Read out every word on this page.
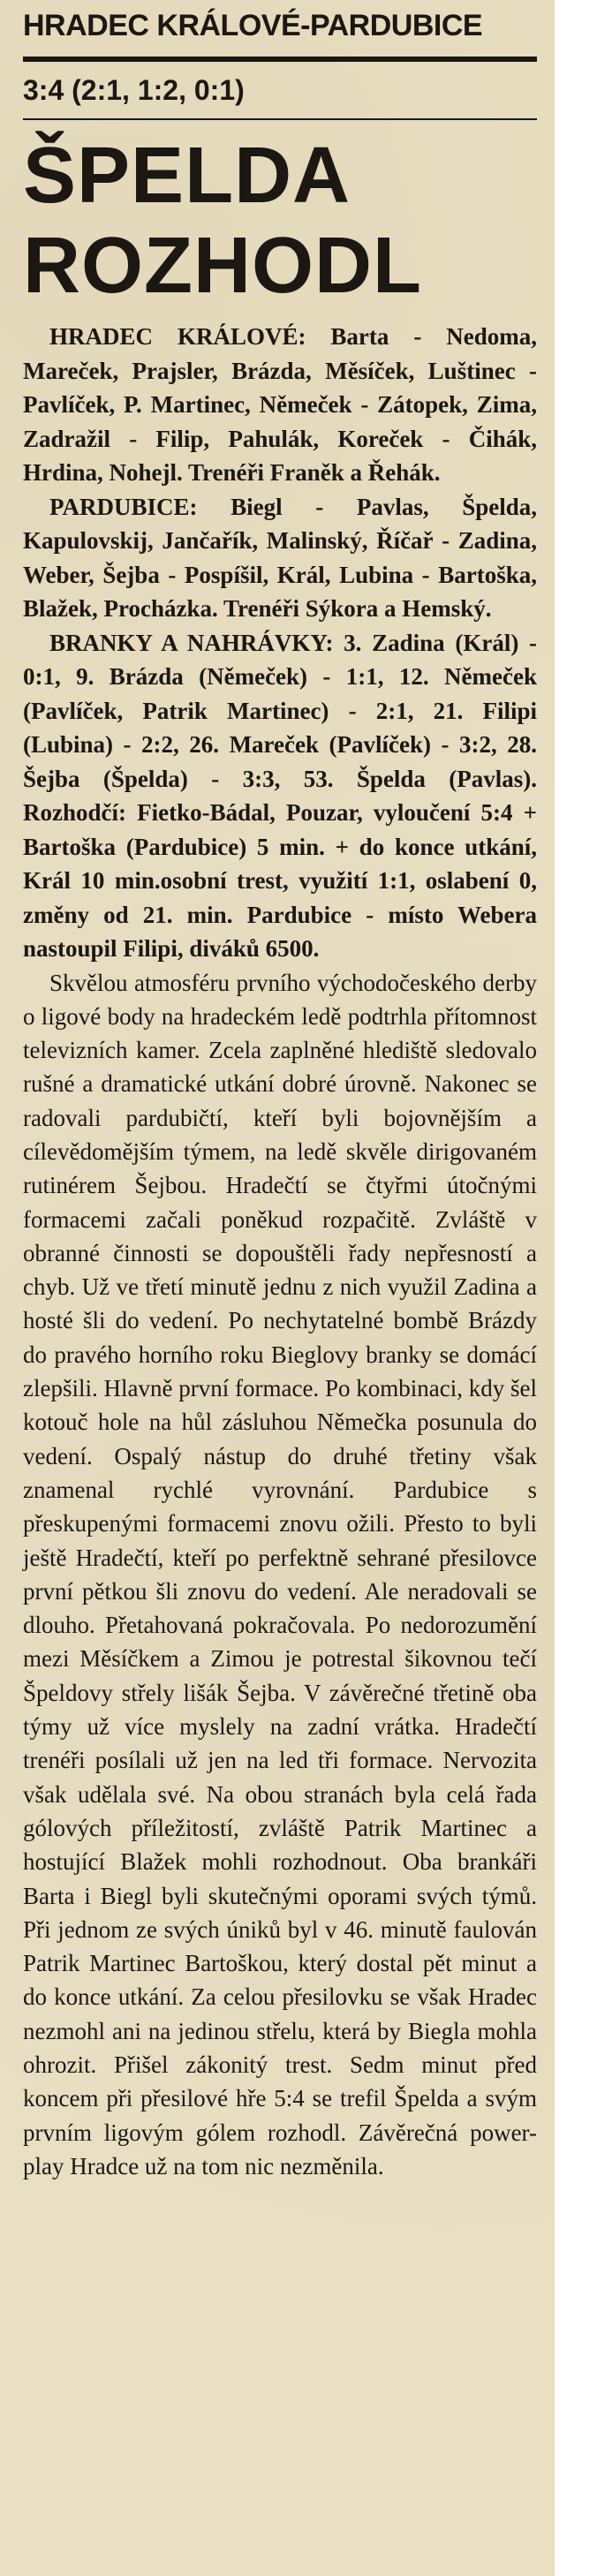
HRADEC KRÁLOVÉ-PARDUBICE
3:4 (2:1, 1:2, 0:1)
ŠPELDA
ROZHODL

HRADEC KRÁLOVÉ: Barta - Nedoma, Mareček, Prajsler, Brázda, Měsíček, Luštinec - Pavlíček, P. Martinec, Němeček - Zátopek, Zima, Zadražil - Filip, Pahulák, Koreček - Čihák, Hrdina, Nohejl. Trenéři Franěk a Řehák.

PARDUBICE: Biegl - Pavlas, Špelda, Kapulovskij, Jančařík, Malinský, Říčař - Zadina, Weber, Šejba - Pospíšil, Král, Lubina - Bartoška, Blažek, Procházka. Trenéři Sýkora a Hemský.

BRANKY A NAHRÁVKY: 3. Zadina (Král) - 0:1, 9. Brázda (Němeček) - 1:1, 12. Němeček (Pavlíček, Patrik Martinec) - 2:1, 21. Filipi (Lubina) - 2:2, 26. Mareček (Pavlíček) - 3:2, 28. Šejba (Špelda) - 3:3, 53. Špelda (Pavlas). Rozhodčí: Fietko-Bádal, Pouzar, vyloučení 5:4 + Bartoška (Pardubice) 5 min. + do konce utkání, Král 10 min.osobní trest, využití 1:1, oslabení 0, změny od 21. min. Pardubice - místo Webera nastoupil Filipi, diváků 6500.

Skvělou atmosféru prvního východočeského derby o ligové body na hradeckém ledě podtrhla přítomnost televizních kamer. Zcela zaplněné hlediště sledovalo rušné a dramatické utkání dobré úrovně. Nakonec se radovali pardubičtí, kteří byli bojovnějším a cílevědomějším týmem, na ledě skvěle dirigovaném rutinérem Šejbou. Hradečtí se čtyřmi útočnými formacemi začali poněkud rozpačitě. Zvláště v obranné činnosti se dopouštěli řady nepřesností a chyb. Už ve třetí minutě jednu z nich využil Zadina a hosté šli do vedení. Po nechytatelné bombě Brázdy do pravého horního roku Bieglovy branky se domácí zlepšili. Hlavně první formace. Po kombinaci, kdy šel kotouč hole na hůl zásluhou Němečka posunula do vedení. Ospalý nástup do druhé třetiny však znamenal rychlé vyrovnání. Pardubice s přeskupenými formacemi znovu ožili. Přesto to byli ještě Hradečtí, kteří po perfektně sehrané přesilovce první pětkou šli znovu do vedení. Ale neradovali se dlouho. Přetahovaná pokračovala. Po nedorozumění mezi Měsíčkem a Zimou je potrestal šikovnou tečí Špeldovy střely lišák Šejba. V závěrečné třetině oba týmy už více myslely na zadní vrátka. Hradečtí trenéři posílali už jen na led tři formace. Nervozita však udělala své. Na obou stranách byla celá řada gólových příležitostí, zvláště Patrik Martinec a hostující Blažek mohli rozhodnout. Oba brankáři Barta i Biegl byli skutečnými oporami svých týmů. Při jednom ze svých úniků byl v 46. minutě faulován Patrik Martinec Bartoškou, který dostal pět minut a do konce utkání. Za celou přesilovku se však Hradec nezmohl ani na jedinou střelu, která by Biegla mohla ohrozit. Přišel zákonitý trest. Sedm minut před koncem při přesilové hře 5:4 se trefil Špelda a svým prvním ligovým gólem rozhodl. Závěrečná power-play Hradce už na tom nic nezměnila.
